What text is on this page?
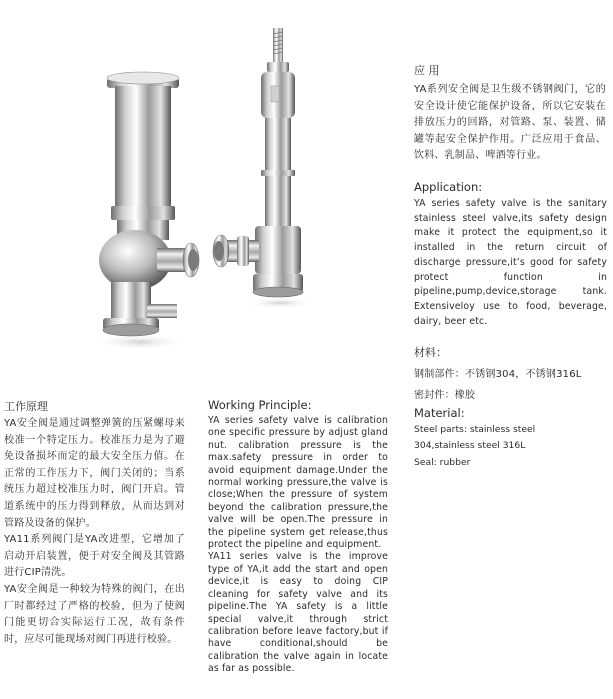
应 用

YA系列安全阀是卫生级不锈钢阀门，它的安全设计使它能保护设备，所以它安装在排放压力的回路，对管路、泵、装置、储罐等起安全保护作用。广泛应用于食品、饮料、乳制品、啤酒等行业。

Application:

YA series safety valve is the sanitary stainless steel valve,its safety design make it protect the equipment,so it installed in the return circuit of discharge pressure,it’s good for safety protect function in pipeline,pump,device,storage tank. Extensiveloy use to food, beverage, dairy, beer etc.

材料：
钢制部件：不锈钢304，不锈钢316L
密封件：橡胶
Material:
Steel parts: stainless steel
304,stainless steel 316L
Seal: rubber
工作原理

YA安全阀是通过调整弹簧的压紧螺母来校准一个特定压力。校准压力是为了避免设备损坏而定的最大安全压力值。在正常的工作压力下，阀门关闭的；当系统压力超过校准压力时，阀门开启。管道系统中的压力得到释放，从而达到对管路及设备的保护。

YA11系列阀门是YA改进型，它增加了启动开启装置，便于对安全阀及其管路进行CIP清洗。

YA安全阀是一种较为特殊的阀门，在出厂时都经过了严格的校验，但为了使阀门能更切合实际运行工况，故有条件时，应尽可能现场对阀门再进行校验。

Working Principle:

YA series safety valve is calibration one specific pressure by adjust gland nut. calibration pressure is the max.safety pressure in order to avoid equipment damage.Under the normal working pressure,the valve is close;When the pressure of system beyond the calibration pressure,the valve will be open.The pressure in the pipeline system get release,thus protect the pipeline and equipment.

YA11 series valve is the improve type of YA,it add the start and open device,it is easy to doing CIP cleaning for safety valve and its pipeline.The YA safety is a little special valve,it through strict calibration before leave factory,but if have conditional,should be calibration the valve again in locate as far as possible.
